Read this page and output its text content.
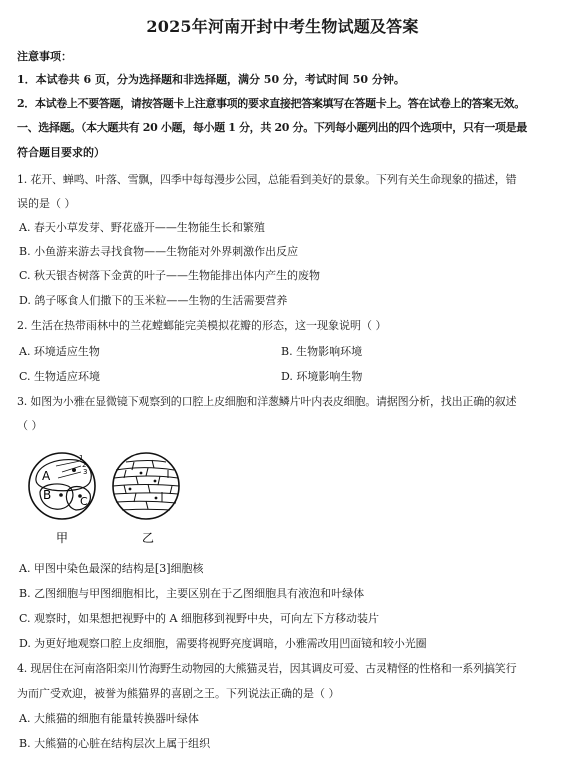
2025年河南开封中考生物试题及答案
注意事项：
1．本试卷共 6 页，分为选择题和非选择题，满分 50 分，考试时间 50 分钟。
2．本试卷上不要答题，请按答题卡上注意事项的要求直接把答案填写在答题卡上。答在试卷上的答案无效。
一、选择题。（本大题共有 20 小题，每小题 1 分，共 20 分。下列每小题列出的四个选项中，只有一项是最
符合题目要求的）
1. 花开、蝉鸣、叶落、雪飘，四季中每每漫步公园，总能看到美好的景象。下列有关生命现象的描述，错
误的是（ ）
A. 春天小草发芽、野花盛开——生物能生长和繁殖
B. 小鱼游来游去寻找食物——生物能对外界刺激作出反应
C. 秋天银杏树落下金黄的叶子——生物能排出体内产生的废物
D. 鸽子啄食人们撒下的玉米粒——生物的生活需要营养
2. 生活在热带雨林中的兰花螳螂能完美模拟花瓣的形态，这一现象说明（ ）
A. 环境适应生物	B. 生物影响环境
C. 生物适应环境	D. 环境影响生物
3. 如图为小雅在显微镜下观察到的口腔上皮细胞和洋葱鳞片叶内表皮细胞。请据图分析，找出正确的叙述
（ ）
1
2
3
A
B	C
甲	乙
A. 甲图中染色最深的结构是[3]细胞核
B. 乙图细胞与甲图细胞相比，主要区别在于乙图细胞具有液泡和叶绿体
C. 观察时，如果想把视野中的 A 细胞移到视野中央，可向左下方移动装片
D. 为更好地观察口腔上皮细胞，需要将视野亮度调暗，小雅需改用凹面镜和较小光圈
4. 现居住在河南洛阳栾川竹海野生动物园的大熊猫灵岩，因其调皮可爱、古灵精怪的性格和一系列搞笑行
为而广受欢迎，被誉为熊猫界的喜剧之王。下列说法正确的是（ ）
A. 大熊猫的细胞有能量转换器叶绿体
B. 大熊猫的心脏在结构层次上属于组织
